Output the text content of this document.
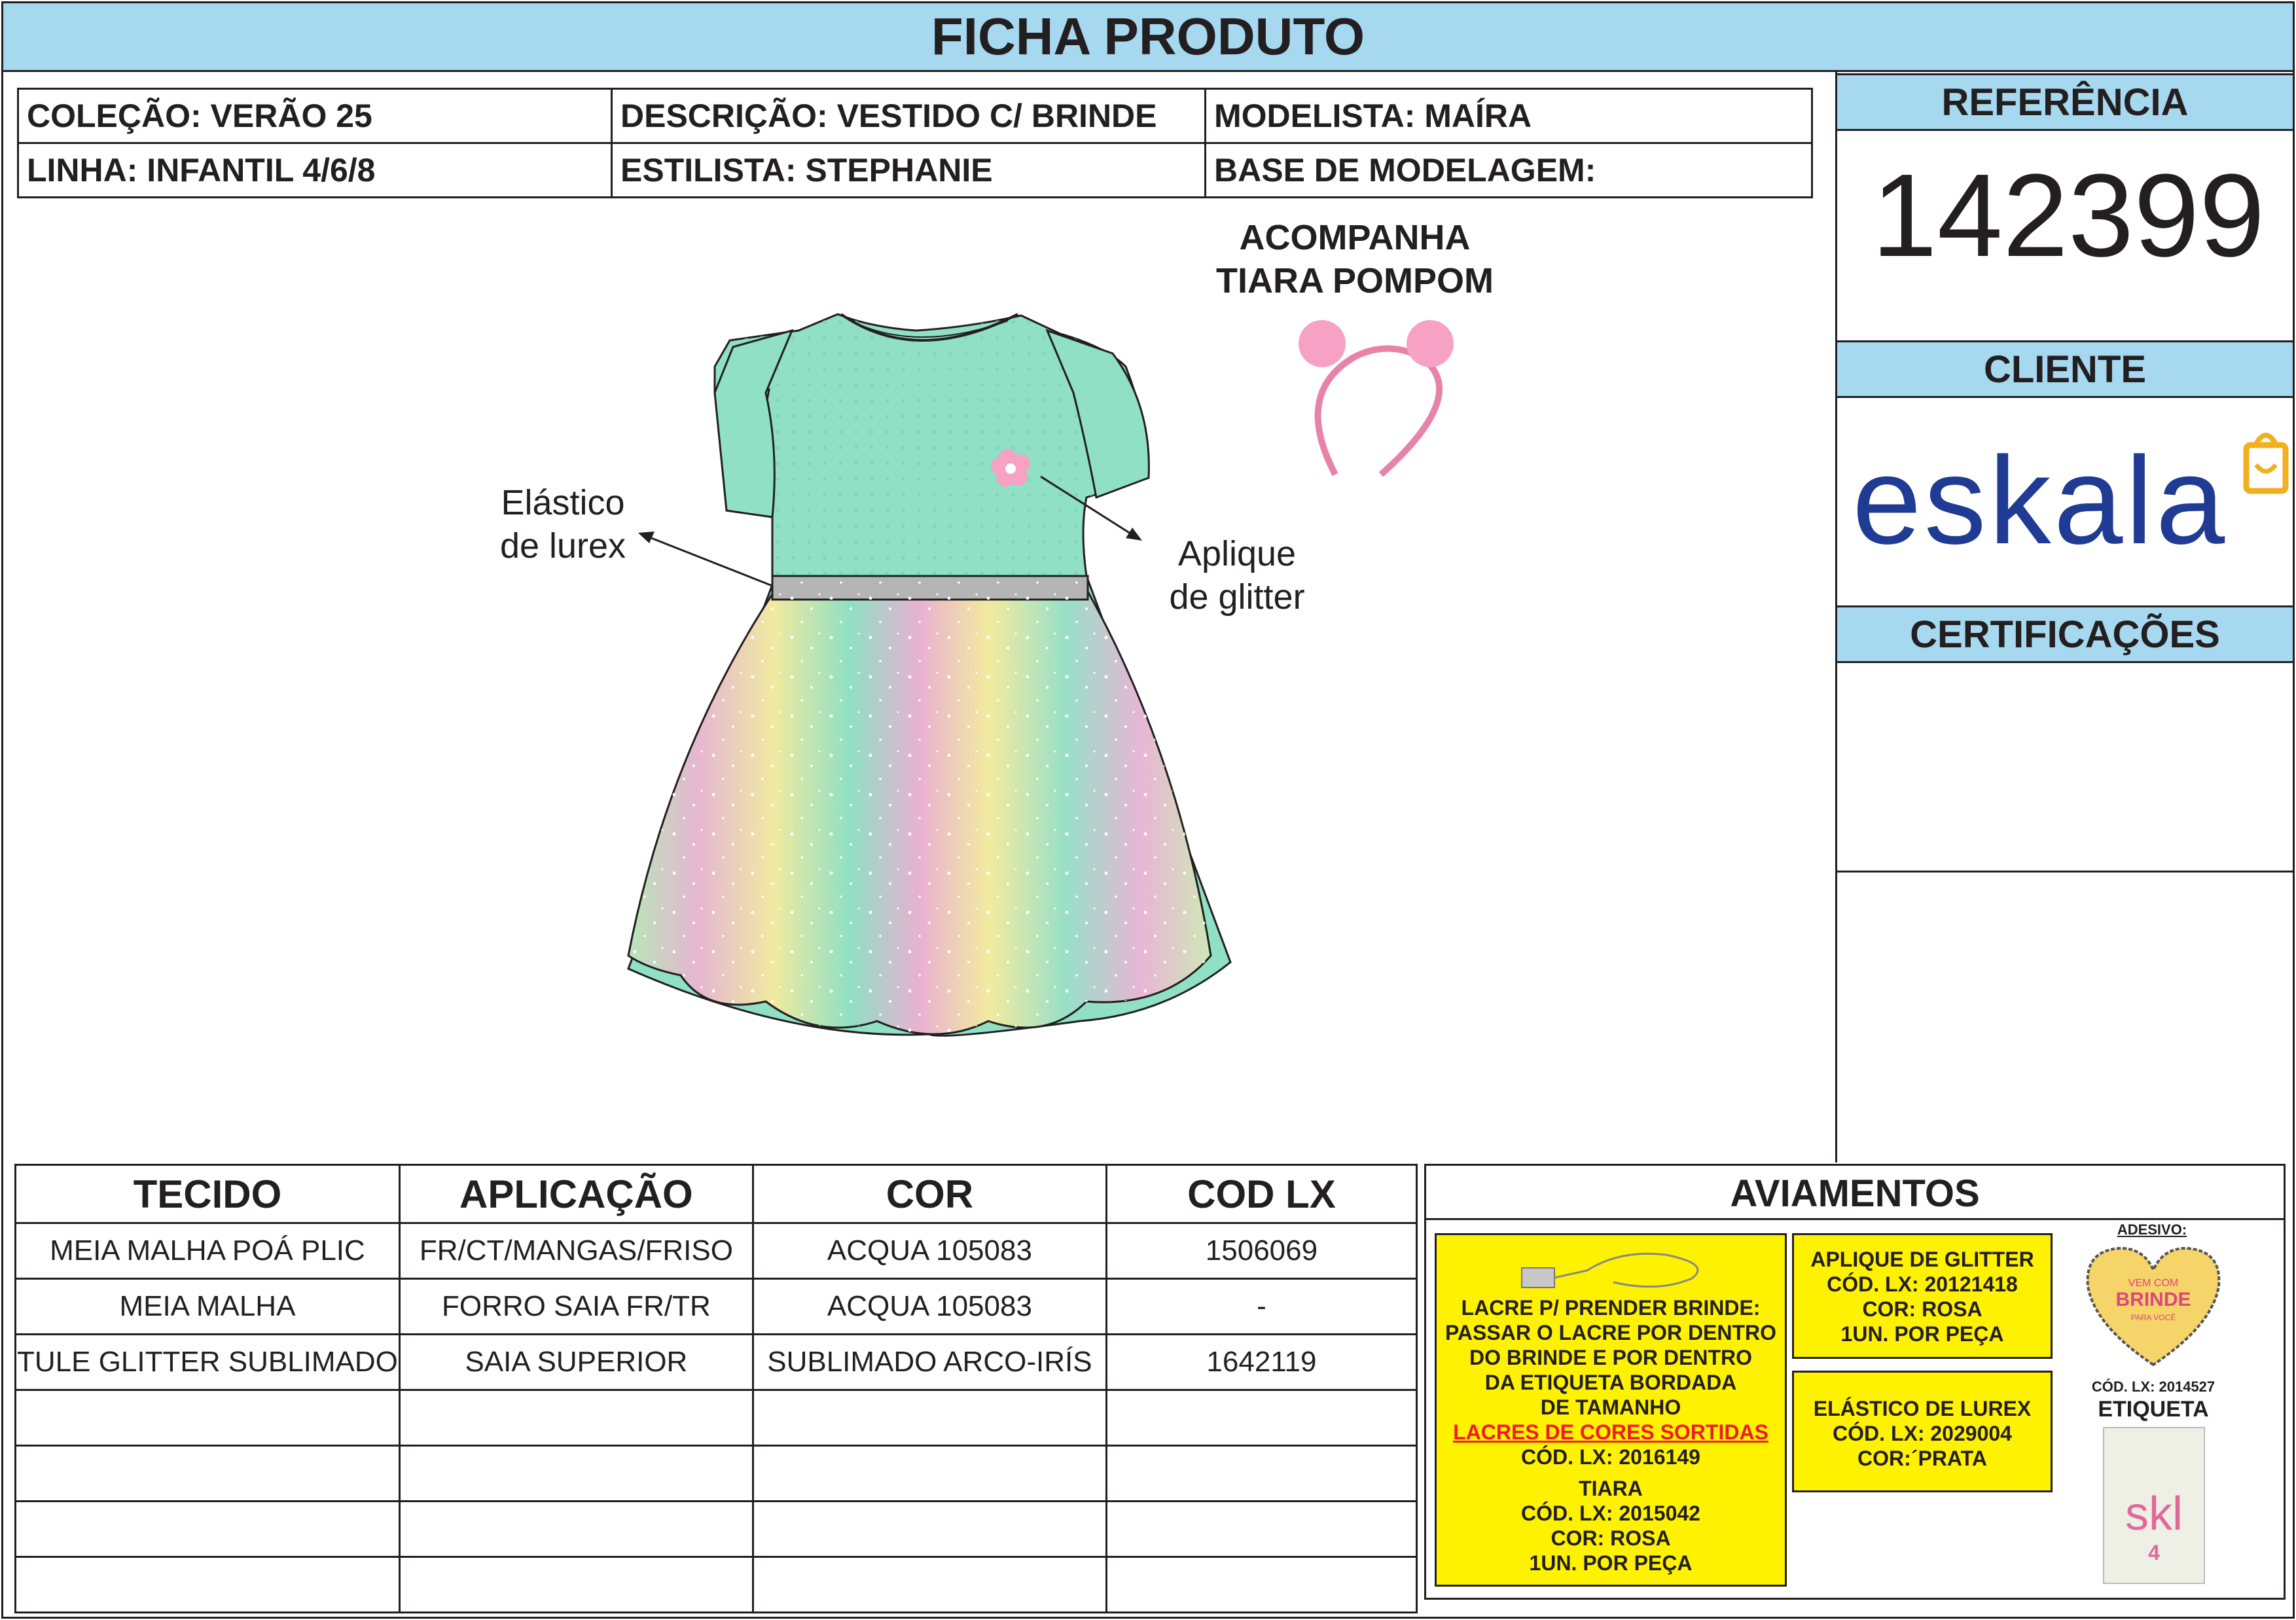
FICHA PRODUTO
COLEÇÃO: VERÃO 25	DESCRIÇÃO: VESTIDO C/ BRINDE	MODELISTA: MAÍRA
LINHA: INFANTIL 4/6/8	ESTILISTA: STEPHANIE	BASE DE MODELAGEM:
REFERÊNCIA
142399
CLIENTE
eskala
CERTIFICAÇÕES
ACOMPANHA
TIARA POMPOM
Elástico
de lurex	Aplique
de glitter
TECIDO	APLICAÇÃO	COR	COD LX
MEIA MALHA POÁ PLIC	FR/CT/MANGAS/FRISO	ACQUA 105083	1506069
MEIA MALHA	FORRO SAIA FR/TR	ACQUA 105083	-
TULE GLITTER SUBLIMADO	SAIA SUPERIOR	SUBLIMADO ARCO-IRÍS	1642119

AVIAMENTOS
LACRE P/ PRENDER BRINDE:
PASSAR O LACRE POR DENTRO
DO BRINDE E POR DENTRO
DA ETIQUETA BORDADA
DE TAMANHO
LACRES DE CORES SORTIDAS
CÓD. LX: 2016149
TIARA
CÓD. LX: 2015042
COR: ROSA
1UN. POR PEÇA
APLIQUE DE GLITTER
CÓD. LX: 20121418
COR: ROSA
1UN. POR PEÇA
ELÁSTICO DE LUREX
CÓD. LX: 2029004
COR:´PRATA
ADESIVO:
VEM COM
BRINDE
PARA VOCÊ
CÓD. LX: 2014527
ETIQUETA
skl
4
